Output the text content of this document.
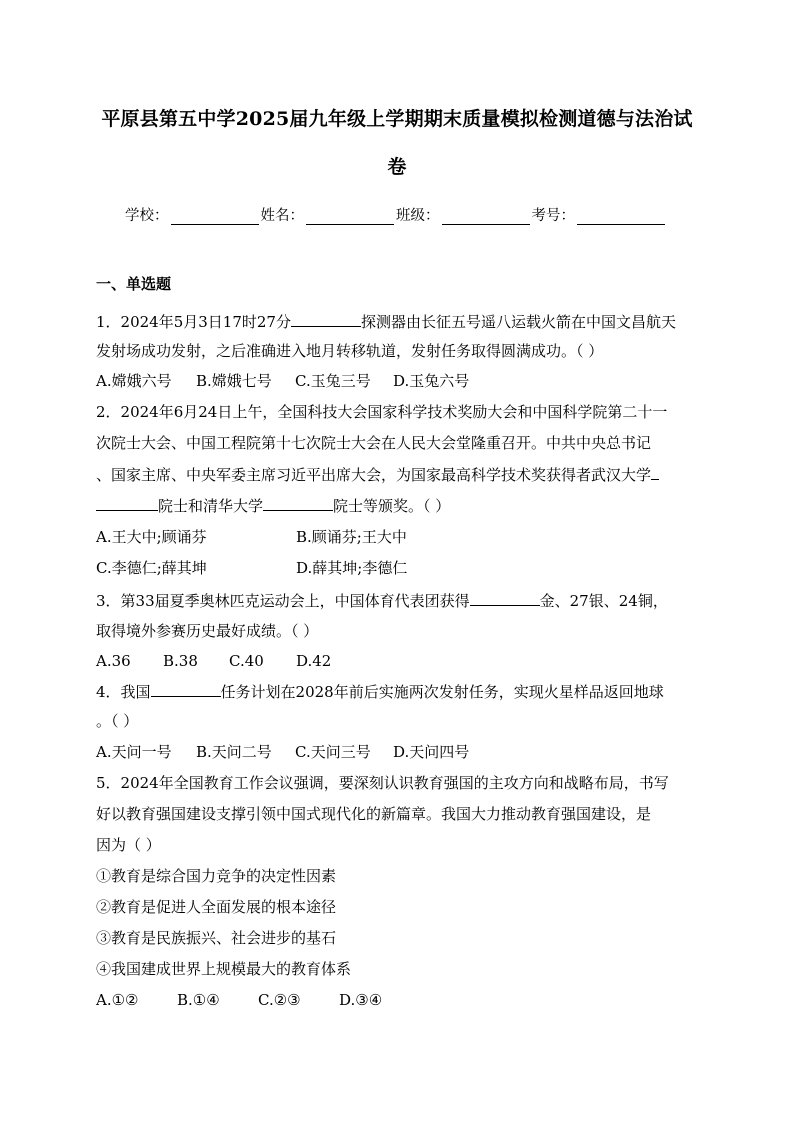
平原县第五中学2025届九年级上学期期末质量模拟检测道德与法治试
卷
学校：	姓名：	班级：	考号：
一、单选题
1．2024年5月3日17时27分	探测器由长征五号遥八运载火箭在中国文昌航天
发射场成功发射，之后准确进入地月转移轨道，发射任务取得圆满成功。（ ）
A.嫦娥六号 B.嫦娥七号 C.玉兔三号 D.玉兔六号
2．2024年6月24日上午，全国科技大会国家科学技术奖励大会和中国科学院第二十一
次院士大会、中国工程院第十七次院士大会在人民大会堂隆重召开。中共中央总书记
、国家主席、中央军委主席习近平出席大会，为国家最高科学技术奖获得者武汉大学
院士和清华大学	院士等颁奖。（ ）
A.王大中;顾诵芬	B.顾诵芬;王大中
C.李德仁;薛其坤	D.薛其坤;李德仁
3．第33届夏季奥林匹克运动会上，中国体育代表团获得	金、27银、24铜，
取得境外参赛历史最好成绩。（ ）
A.36 B.38 C.40 D.42
4．我国	任务计划在2028年前后实施两次发射任务，实现火星样品返回地球
。（ ）
A.天问一号 B.天问二号 C.天问三号 D.天问四号
5．2024年全国教育工作会议强调，要深刻认识教育强国的主攻方向和战略布局，书写
好以教育强国建设支撑引领中国式现代化的新篇章。我国大力推动教育强国建设，是
因为（ ）
①教育是综合国力竞争的决定性因素
②教育是促进人全面发展的根本途径
③教育是民族振兴、社会进步的基石
④我国建成世界上规模最大的教育体系
A.①②	B.①④	C.②③	D.③④
